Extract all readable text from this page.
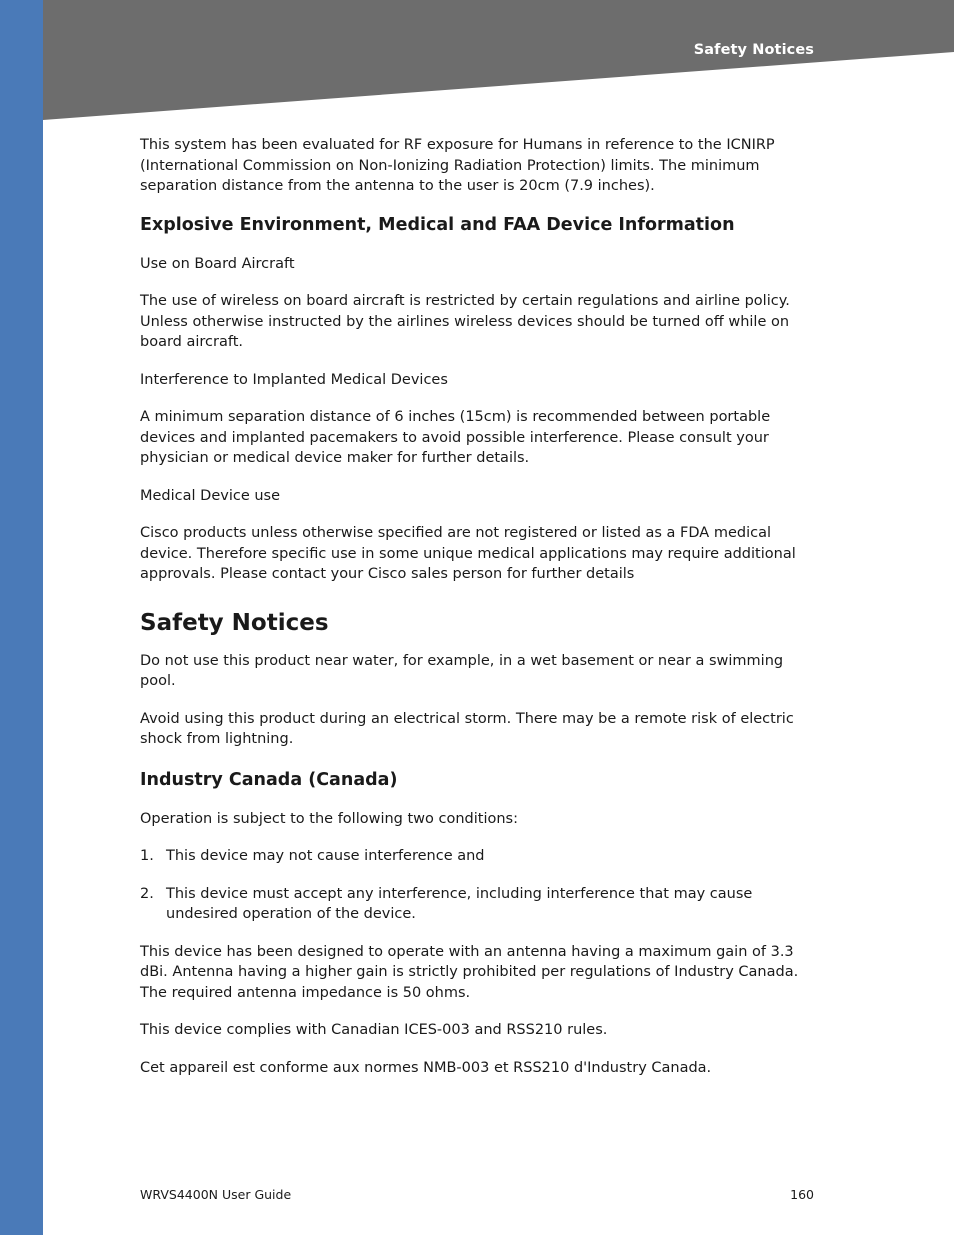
Safety Notices

This system has been evaluated for RF exposure for Humans in reference to the ICNIRP (International Commission on Non-Ionizing Radiation Protection) limits. The minimum separation distance from the antenna to the user is 20cm (7.9 inches).

Explosive Environment, Medical and FAA Device Information

Use on Board Aircraft

The use of wireless on board aircraft is restricted by certain regulations and airline policy. Unless otherwise instructed by the airlines wireless devices should be turned off while on board aircraft.

Interference to Implanted Medical Devices

A minimum separation distance of 6 inches (15cm) is recommended between portable devices and implanted pacemakers to avoid possible interference. Please consult your physician or medical device maker for further details.

Medical Device use

Cisco products unless otherwise specified are not registered or listed as a FDA medical device. Therefore specific use in some unique medical applications may require additional approvals. Please contact your Cisco sales person for further details

Safety Notices

Do not use this product near water, for example, in a wet basement or near a swimming pool.

Avoid using this product during an electrical storm. There may be a remote risk of electric shock from lightning.

Industry Canada (Canada)

Operation is subject to the following two conditions:

1. This device may not cause interference and
2. This device must accept any interference, including interference that may cause undesired operation of the device.

This device has been designed to operate with an antenna having a maximum gain of 3.3 dBi. Antenna having a higher gain is strictly prohibited per regulations of Industry Canada. The required antenna impedance is 50 ohms.

This device complies with Canadian ICES-003 and RSS210 rules.

Cet appareil est conforme aux normes NMB-003 et RSS210 d'Industry Canada.

WRVS4400N User Guide	160
